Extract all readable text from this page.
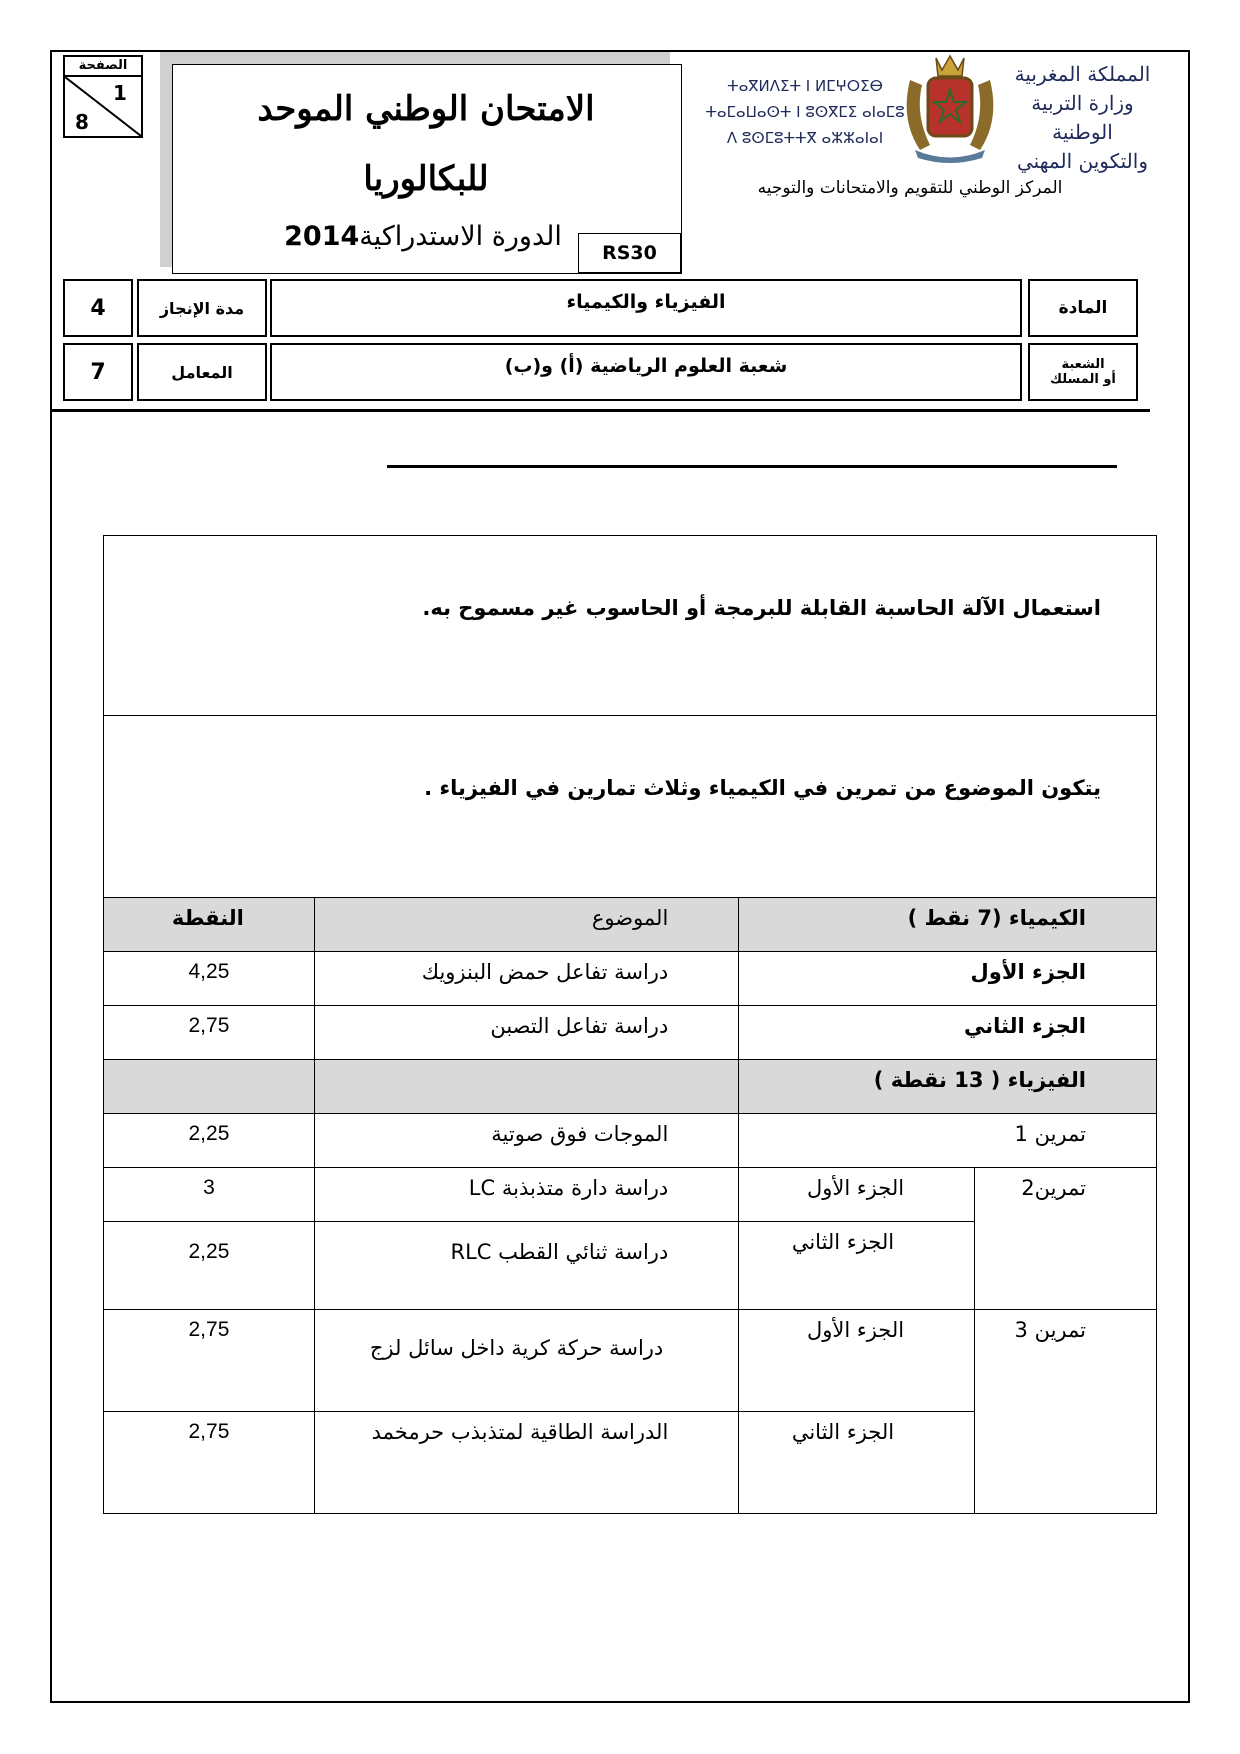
الصفحة
1
8	الامتحان الوطني الموحد
للبكالوريا
الدورة الاستدراكية2014
RS30
ⵜⴰⴳⵍⴷⵉⵜ ⵏ ⵍⵎⵖⵔⵉⴱ
ⵜⴰⵎⴰⵡⴰⵙⵜ ⵏ ⵓⵙⴳⵎⵉ ⴰⵏⴰⵎⵓ
ⴷ ⵓⵙⵎⵓⵜⵜⴳ ⴰⵣⵣⴰⵏⴰⵏ
المملكة المغربية
وزارة التربية الوطنية
والتكوين المهني
المركز الوطني للتقويم والامتحانات والتوجيه
المادة
الفيزياء والكيمياء
مدة الإنجاز
4
الشعبة
أو المسلك
شعبة العلوم الرياضية (أ) و(ب)
المعامل
7
استعمال الآلة الحاسبة القابلة للبرمجة أو الحاسوب غير مسموح به.			
يتكون الموضوع من تمرين في الكيمياء وثلاث تمارين في الفيزياء .			
الكيمياء (7 نقط )		الموضوع	النقطة
الجزء الأول		دراسة تفاعل حمض البنزويك	4,25
الجزء الثاني		دراسة تفاعل التصبن	2,75
الفيزياء ( 13 نقطة )			
تمرين 1		الموجات فوق صوتية	2,25
تمرين2	الجزء الأول	دراسة دارة متذبذبة LC	3
	الجزء الثاني	دراسة ثنائي القطب RLC	2,25
تمرين 3	الجزء الأول	دراسة حركة كرية داخل سائل لزج	2,75
	الجزء الثاني	الدراسة الطاقية لمتذبذب حرمخمد	2,75
